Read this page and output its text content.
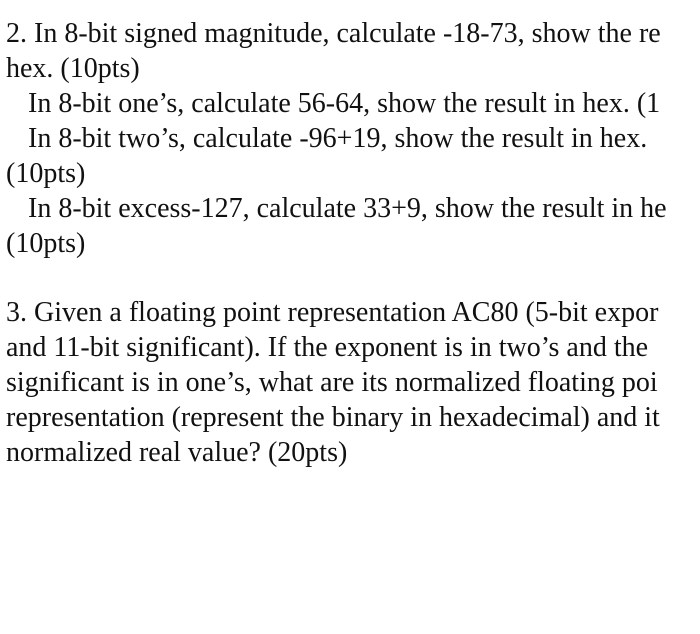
2. In 8-bit signed magnitude, calculate -18-73, show the re
hex. (10pts)
In 8-bit one’s, calculate 56-64, show the result in hex. (1
In 8-bit two’s, calculate -96+19, show the result in hex.
(10pts)
In 8-bit excess-127, calculate 33+9, show the result in he
(10pts)
3. Given a floating point representation AC80 (5-bit expor
and 11-bit significant). If the exponent is in two’s and the
significant is in one’s, what are its normalized floating poi
representation (represent the binary in hexadecimal) and it
normalized real value? (20pts)
